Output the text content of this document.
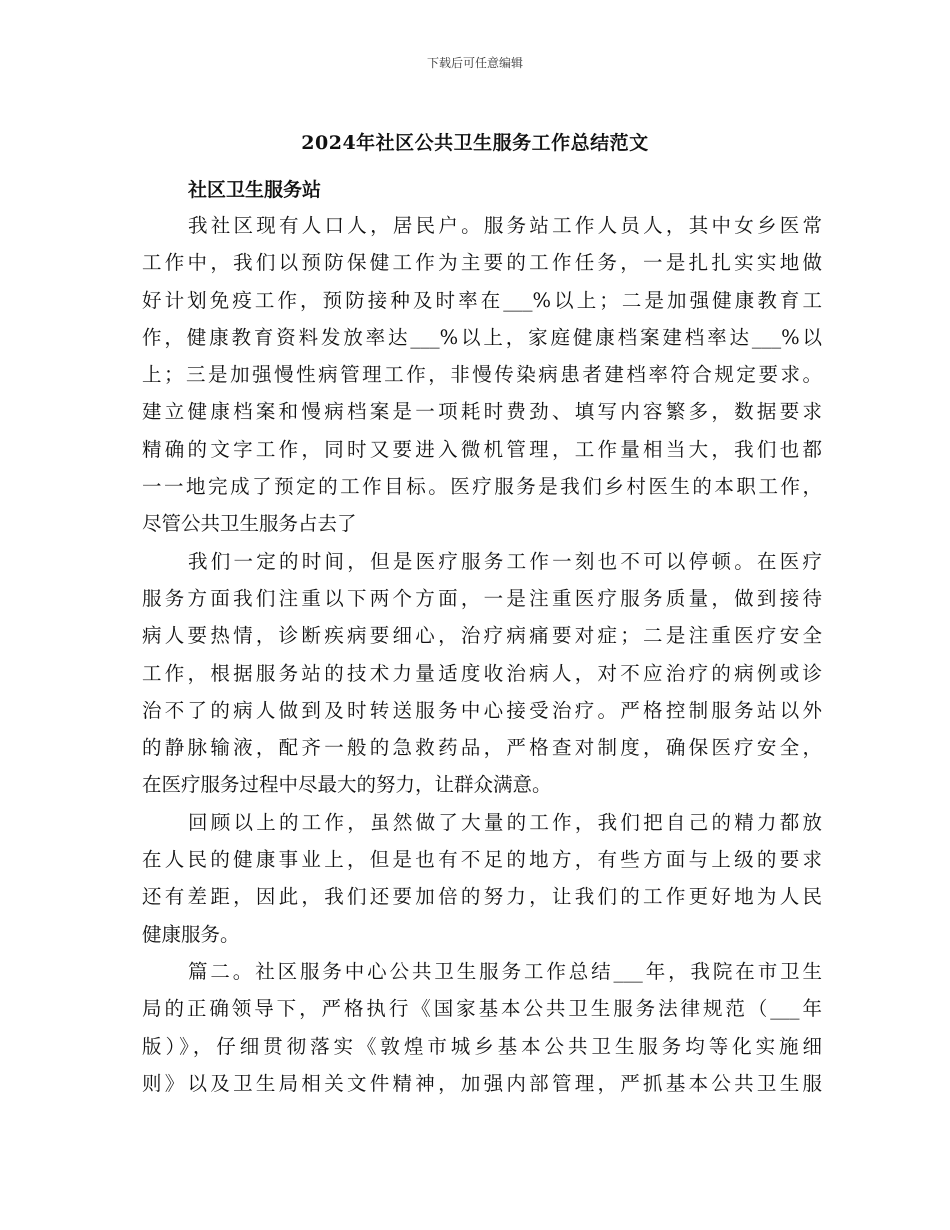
下载后可任意编辑
2024年社区公共卫生服务工作总结范文
社区卫生服务站
我社区现有人口人，居民户。服务站工作人员人，其中女乡医常
工作中，我们以预防保健工作为主要的工作任务，一是扎扎实实地做
好计划免疫工作，预防接种及时率在___%以上；二是加强健康教育工
作，健康教育资料发放率达___%以上，家庭健康档案建档率达___%以
上；三是加强慢性病管理工作，非慢传染病患者建档率符合规定要求。
建立健康档案和慢病档案是一项耗时费劲、填写内容繁多，数据要求
精确的文字工作，同时又要进入微机管理，工作量相当大，我们也都
一一地完成了预定的工作目标。医疗服务是我们乡村医生的本职工作，
尽管公共卫生服务占去了
我们一定的时间，但是医疗服务工作一刻也不可以停顿。在医疗
服务方面我们注重以下两个方面，一是注重医疗服务质量，做到接待
病人要热情，诊断疾病要细心，治疗病痛要对症；二是注重医疗安全
工作，根据服务站的技术力量适度收治病人，对不应治疗的病例或诊
治不了的病人做到及时转送服务中心接受治疗。严格控制服务站以外
的静脉输液，配齐一般的急救药品，严格查对制度，确保医疗安全，
在医疗服务过程中尽最大的努力，让群众满意。
回顾以上的工作，虽然做了大量的工作，我们把自己的精力都放
在人民的健康事业上，但是也有不足的地方，有些方面与上级的要求
还有差距，因此，我们还要加倍的努力，让我们的工作更好地为人民
健康服务。
篇二。社区服务中心公共卫生服务工作总结___年，我院在市卫生
局的正确领导下，严格执行《国家基本公共卫生服务法律规范（___年
版）》，仔细贯彻落实《敦煌市城乡基本公共卫生服务均等化实施细
则》以及卫生局相关文件精神，加强内部管理，严抓基本公共卫生服
